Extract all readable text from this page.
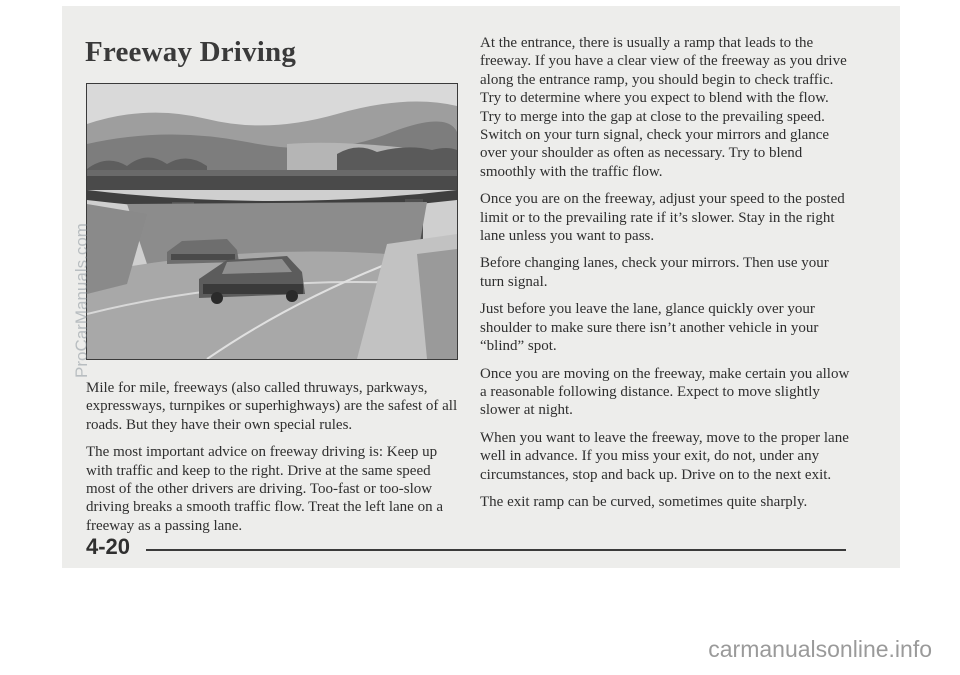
Freeway Driving

Mile for mile, freeways (also called thruways, parkways, expressways, turnpikes or superhighways) are the safest of all roads. But they have their own special rules.

The most important advice on freeway driving is: Keep up with traffic and keep to the right. Drive at the same speed most of the other drivers are driving. Too-fast or too-slow driving breaks a smooth traffic flow. Treat the left lane on a freeway as a passing lane.

At the entrance, there is usually a ramp that leads to the freeway. If you have a clear view of the freeway as you drive along the entrance ramp, you should begin to check traffic. Try to determine where you expect to blend with the flow. Try to merge into the gap at close to the prevailing speed. Switch on your turn signal, check your mirrors and glance over your shoulder as often as necessary. Try to blend smoothly with the traffic flow.

Once you are on the freeway, adjust your speed to the posted limit or to the prevailing rate if it’s slower. Stay in the right lane unless you want to pass.

Before changing lanes, check your mirrors. Then use your turn signal.

Just before you leave the lane, glance quickly over your shoulder to make sure there isn’t another vehicle in your “blind” spot.

Once you are moving on the freeway, make certain you allow a reasonable following distance. Expect to move slightly slower at night.

When you want to leave the freeway, move to the proper lane well in advance. If you miss your exit, do not, under any circumstances, stop and back up. Drive on to the next exit.

The exit ramp can be curved, sometimes quite sharply.

4-20

ProCarManuals.com
carmanualsonline.info
